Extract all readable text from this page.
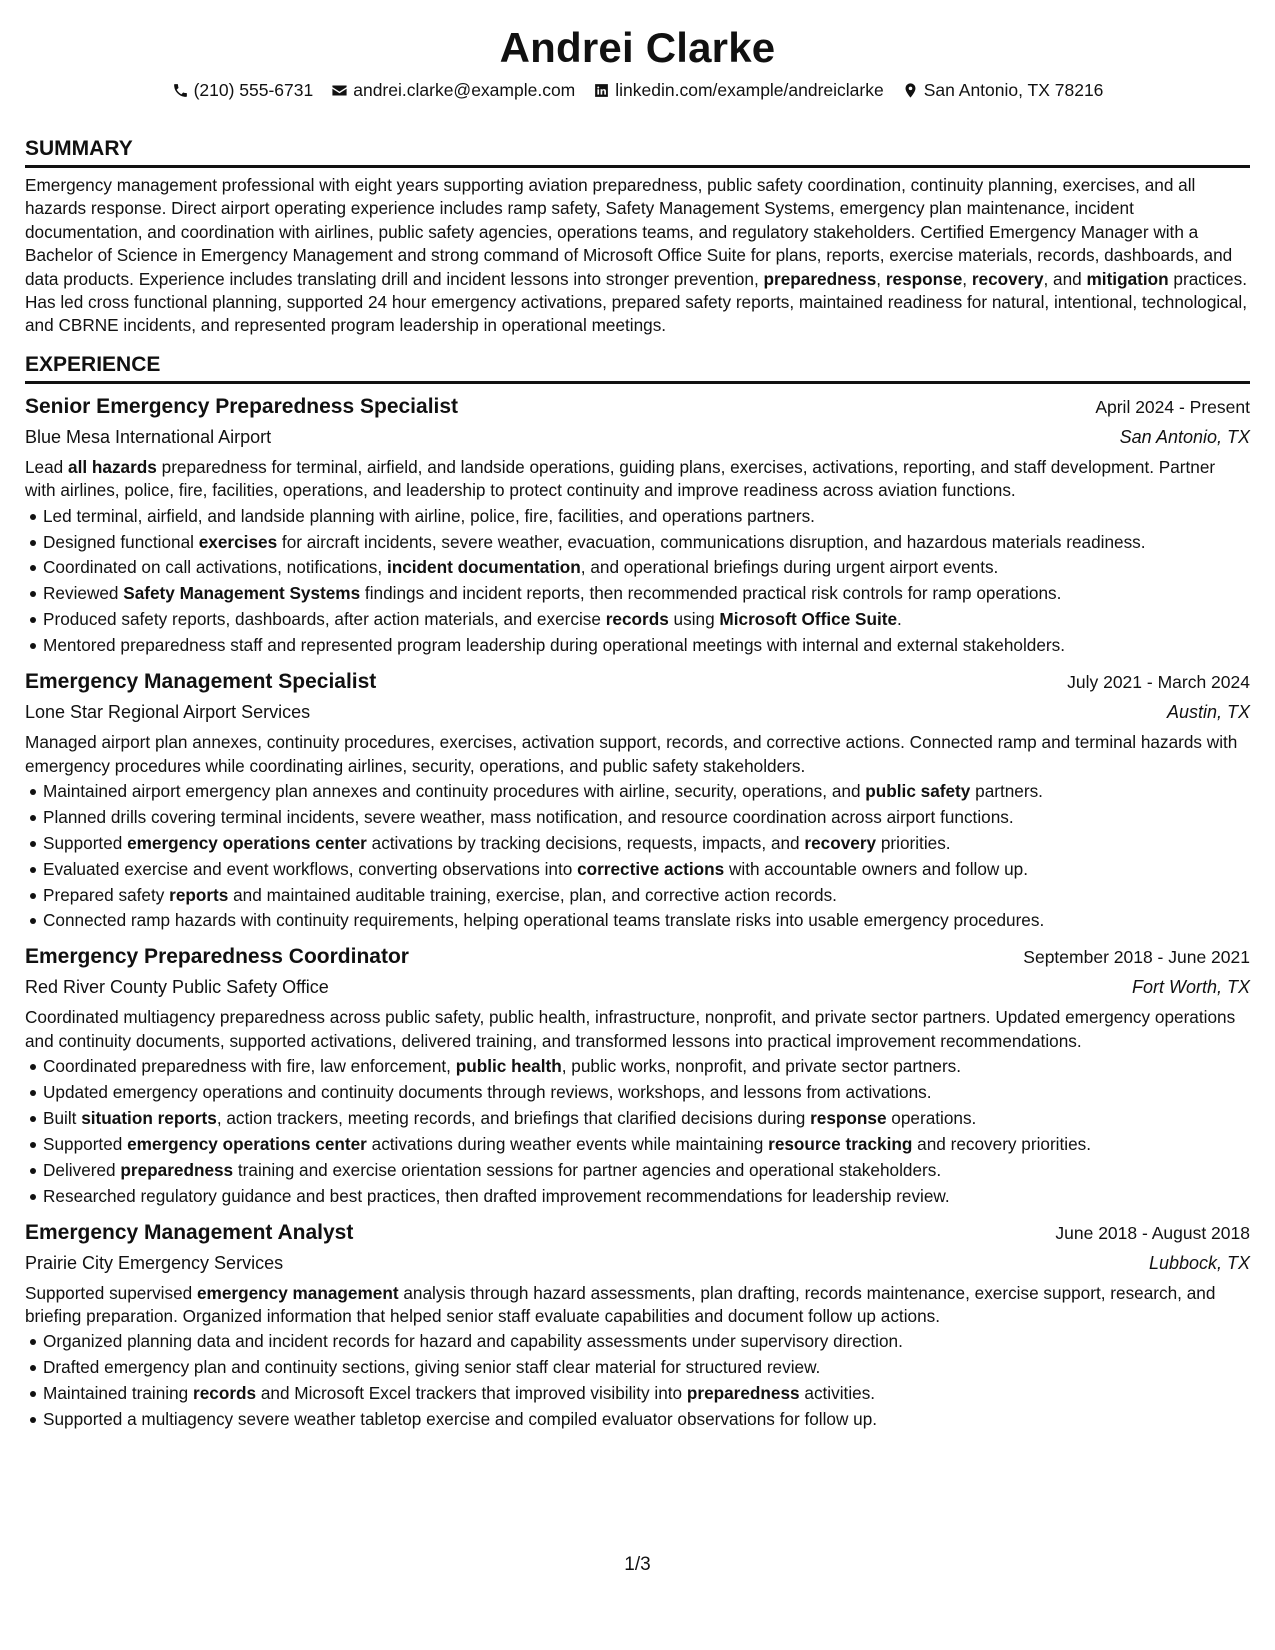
Andrei Clarke
(210) 555-6731 andrei.clarke@example.com linkedin.com/example/andreiclarke San Antonio, TX 78216
SUMMARY

Emergency management professional with eight years supporting aviation preparedness, public safety coordination, continuity planning, exercises, and all hazards response. Direct airport operating experience includes ramp safety, Safety Management Systems, emergency plan maintenance, incident documentation, and coordination with airlines, public safety agencies, operations teams, and regulatory stakeholders. Certified Emergency Manager with a Bachelor of Science in Emergency Management and strong command of Microsoft Office Suite for plans, reports, exercise materials, records, dashboards, and data products. Experience includes translating drill and incident lessons into stronger prevention, preparedness, response, recovery, and mitigation practices. Has led cross functional planning, supported 24 hour emergency activations, prepared safety reports, maintained readiness for natural, intentional, technological, and CBRNE incidents, and represented program leadership in operational meetings.

EXPERIENCE
Senior Emergency Preparedness Specialist	April 2024 - Present
Blue Mesa International Airport	San Antonio, TX

Lead all hazards preparedness for terminal, airfield, and landside operations, guiding plans, exercises, activations, reporting, and staff development. Partner with airlines, police, fire, facilities, operations, and leadership to protect continuity and improve readiness across aviation functions.

Led terminal, airfield, and landside planning with airline, police, fire, facilities, and operations partners.
Designed functional exercises for aircraft incidents, severe weather, evacuation, communications disruption, and hazardous materials readiness.
Coordinated on call activations, notifications, incident documentation, and operational briefings during urgent airport events.
Reviewed Safety Management Systems findings and incident reports, then recommended practical risk controls for ramp operations.
Produced safety reports, dashboards, after action materials, and exercise records using Microsoft Office Suite.
Mentored preparedness staff and represented program leadership during operational meetings with internal and external stakeholders.
Emergency Management Specialist	July 2021 - March 2024
Lone Star Regional Airport Services	Austin, TX

Managed airport plan annexes, continuity procedures, exercises, activation support, records, and corrective actions. Connected ramp and terminal hazards with emergency procedures while coordinating airlines, security, operations, and public safety stakeholders.

Maintained airport emergency plan annexes and continuity procedures with airline, security, operations, and public safety partners.
Planned drills covering terminal incidents, severe weather, mass notification, and resource coordination across airport functions.
Supported emergency operations center activations by tracking decisions, requests, impacts, and recovery priorities.
Evaluated exercise and event workflows, converting observations into corrective actions with accountable owners and follow up.
Prepared safety reports and maintained auditable training, exercise, plan, and corrective action records.
Connected ramp hazards with continuity requirements, helping operational teams translate risks into usable emergency procedures.
Emergency Preparedness Coordinator	September 2018 - June 2021
Red River County Public Safety Office	Fort Worth, TX

Coordinated multiagency preparedness across public safety, public health, infrastructure, nonprofit, and private sector partners. Updated emergency operations and continuity documents, supported activations, delivered training, and transformed lessons into practical improvement recommendations.

Coordinated preparedness with fire, law enforcement, public health, public works, nonprofit, and private sector partners.
Updated emergency operations and continuity documents through reviews, workshops, and lessons from activations.
Built situation reports, action trackers, meeting records, and briefings that clarified decisions during response operations.
Supported emergency operations center activations during weather events while maintaining resource tracking and recovery priorities.
Delivered preparedness training and exercise orientation sessions for partner agencies and operational stakeholders.
Researched regulatory guidance and best practices, then drafted improvement recommendations for leadership review.
Emergency Management Analyst	June 2018 - August 2018
Prairie City Emergency Services	Lubbock, TX

Supported supervised emergency management analysis through hazard assessments, plan drafting, records maintenance, exercise support, research, and briefing preparation. Organized information that helped senior staff evaluate capabilities and document follow up actions.

Organized planning data and incident records for hazard and capability assessments under supervisory direction.
Drafted emergency plan and continuity sections, giving senior staff clear material for structured review.
Maintained training records and Microsoft Excel trackers that improved visibility into preparedness activities.
Supported a multiagency severe weather tabletop exercise and compiled evaluator observations for follow up.
1/3
